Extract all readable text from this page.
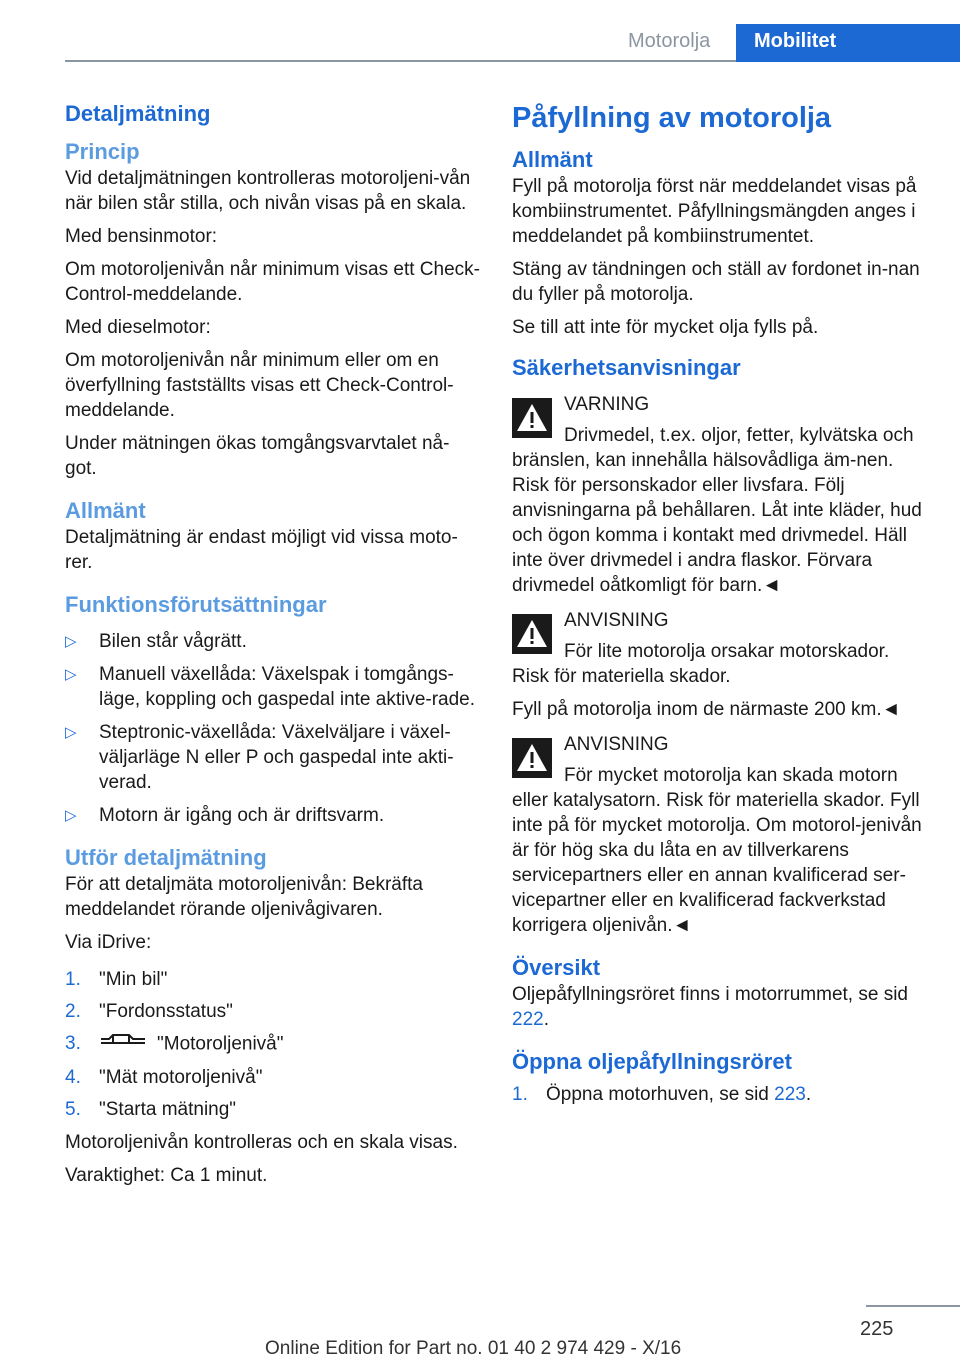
Motorolja	Mobilitet
Detaljmätning
Princip

Vid detaljmätningen kontrolleras motoroljeni‐vån när bilen står stilla, och nivån visas på en skala.

Med bensinmotor:

Om motoroljenivån når minimum visas ett Check-Control-meddelande.

Med dieselmotor:

Om motoroljenivån når minimum eller om en överfyllning fastställts visas ett Check-Control-meddelande.

Under mätningen ökas tomgångsvarvtalet nå‐got.

Allmänt

Detaljmätning är endast möjligt vid vissa moto‐rer.

Funktionsförutsättningar
▷ Bilen står vågrätt.
▷ Manuell växellåda: Växelspak i tomgångs‐läge, koppling och gaspedal inte aktive‐rade.
▷ Steptronic-växellåda: Växelväljare i växel‐väljarläge N eller P och gaspedal inte akti‐verad.
▷ Motorn är igång och är driftsvarm.
Utför detaljmätning

För att detaljmäta motoroljenivån: Bekräfta meddelandet rörande oljenivågivaren.

Via iDrive:

1. "Min bil"
2. "Fordonsstatus"
3.	"Motoroljenivå"
4. "Mät motoroljenivå"
5. "Starta mätning"

Motoroljenivån kontrolleras och en skala visas.

Varaktighet: Ca 1 minut.

Påfyllning av motorolja
Allmänt

Fyll på motorolja först när meddelandet visas på kombiinstrumentet. Påfyllningsmängden anges i meddelandet på kombiinstrumentet.

Stäng av tändningen och ställ av fordonet in‐nan du fyller på motorolja.

Se till att inte för mycket olja fylls på.

Säkerhetsanvisningar
VARNING

Drivmedel, t.ex. oljor, fetter, kylvätska och bränslen, kan innehålla hälsovådliga äm‐nen. Risk för personskador eller livsfara. Följ anvisningarna på behållaren. Låt inte kläder, hud och ögon komma i kontakt med drivmedel. Häll inte över drivmedel i andra flaskor. Förvara drivmedel oåtkomligt för barn.◄

ANVISNING

För lite motorolja orsakar motorskador. Risk för materiella skador.

Fyll på motorolja inom de närmaste 200 km.◄

ANVISNING

För mycket motorolja kan skada motorn eller katalysatorn. Risk för materiella skador. Fyll inte på för mycket motorolja. Om motorol‐jenivån är för hög ska du låta en av tillverkarens servicepartners eller en annan kvalificerad ser‐vicepartner eller en kvalificerad fackverkstad korrigera oljenivån.◄

Översikt

Oljepåfyllningsröret finns i motorrummet, se sid 222.

Öppna oljepåfyllningsröret
1. Öppna motorhuven, se sid 223.
225
Online Edition for Part no. 01 40 2 974 429 - X/16
